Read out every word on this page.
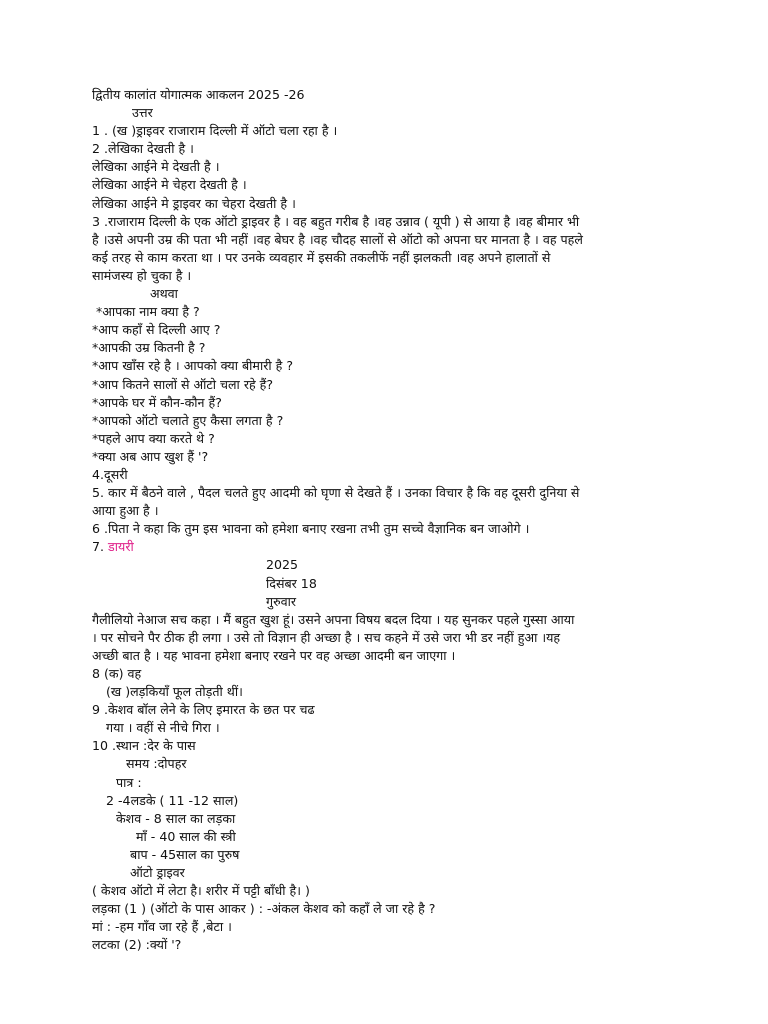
द्वितीय कालांत योगात्मक आकलन 2025 -26
उत्तर
1 . (ख )ड्राइवर राजाराम दिल्ली में ऑटो चला रहा है ।
2 .लेखिका देखती है ।
लेखिका आईने मे देखती है ।
लेखिका आईने मे चेहरा देखती है ।
लेखिका आईने मे ड्राइवर का चेहरा देखती है ।
3 .राजाराम दिल्ली के एक ऑटो ड्राइवर है । वह बहुत गरीब है ।वह उन्नाव ( यूपी ) से आया है ।वह बीमार भी
है ।उसे अपनी उम्र की पता भी नहीं ।वह बेघर है ।वह चौदह सालों से ऑटो को अपना घर मानता है । वह पहले
कई तरह से काम करता था । पर उनके व्यवहार में इसकी तकलीफें नहीं झलकती ।वह अपने हालातों से
सामंजस्य हो चुका है ।
अथवा
*आपका नाम क्या है ?
*आप कहाँ से दिल्ली आए ?
*आपकी उम्र कितनी है ?
*आप खाँस रहे है । आपको क्या बीमारी है ?
*आप कितने सालों से ऑटो चला रहे हैं?
*आपके घर में कौन-कौन हैं?
*आपको ऑटो चलाते हुए कैसा लगता है ?
*पहले आप क्या करते थे ?
*क्या अब आप खुश हैं '?
4.दूसरी
5. कार में बैठने वाले , पैदल चलते हुए आदमी को घृणा से देखते हैं । उनका विचार है कि वह दूसरी दुनिया से
आया हुआ है ।
6 .पिता ने कहा कि तुम इस भावना को हमेशा बनाए रखना तभी तुम सच्चे वैज्ञानिक बन जाओगे ।
7. डायरी
2025
दिसंबर 18
गुरुवार
गैलीलियो नेआज सच कहा । मैं बहुत खुश हूं। उसने अपना विषय बदल दिया । यह सुनकर पहले गुस्सा आया
। पर सोचने पैर ठीक ही लगा । उसे तो विज्ञान ही अच्छा है । सच कहने में उसे जरा भी डर नहीं हुआ ।यह
अच्छी बात है । यह भावना हमेशा बनाए रखने पर वह अच्छा आदमी बन जाएगा ।
8 (क) वह
(ख )लड़कियाँ फूल तोड़ती थीं।
9 .केशव बॉल लेने के लिए इमारत के छत पर चढ
गया । वहीं से नीचे गिरा ।
10 .स्थान :देर के पास
समय :दोपहर
पात्र :
2 -4लडके ( 11 -12 साल)
केशव - 8 साल का लड़का
माँ - 40 साल की स्त्री
बाप - 45साल का पुरुष
ऑटो ड्राइवर
( केशव ऑटो में लेटा है। शरीर में पट्टी बाँधी है। )
लड़का (1 ) (ऑटो के पास आकर ) : -अंकल केशव को कहाँ ले जा रहे है ?
मां : -हम गाँव जा रहे हैं ,बेटा ।
लटका (2) :क्यों '?
